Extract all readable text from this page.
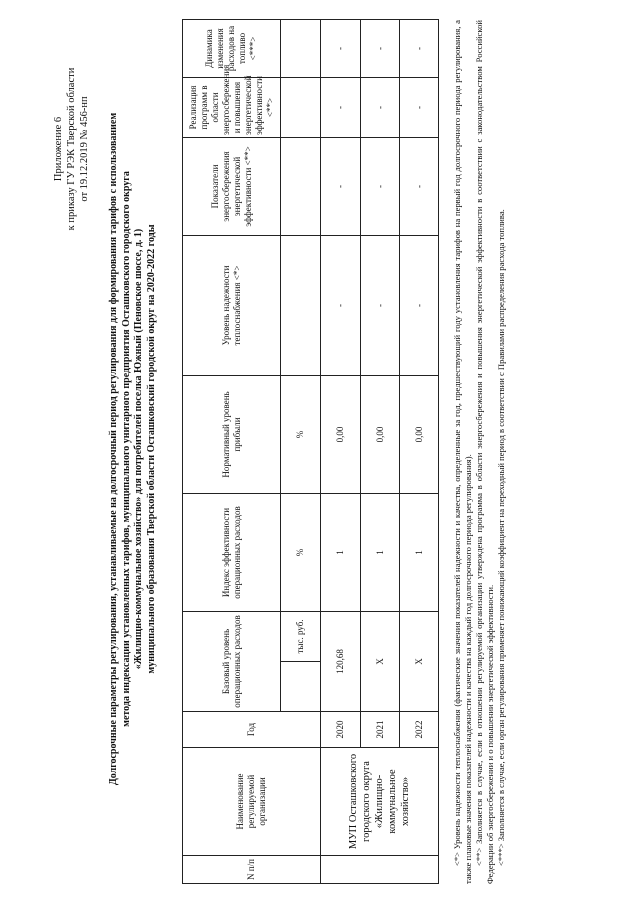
Приложение 6 к приказу ГУ РЭК Тверской области от 19.12.2019 № 456-нп Долгосрочные параметры регулирования, устанавливаемые на долгосрочный период регулирования для формирования тарифов с использованием метода индексации установленных тарифов, муниципального унитарного предприятия Осташковского городского округа «Жилищно-коммунальное хозяйство» для потребителей поселка Южный (Пеновское шоссе, д. 1) муниципального образования Тверской области Осташковский городской округ на 2020-2022 годы
N п/п	Наименование регулируемой организации	Год	Базовый уровень операционных расходов		Индекс эффективности операционных расходов	Нормативный уровень прибыли	Уровень надежности теплоснабжения <*>	Показатели энергосбережения энергетической эффективности <**>	Реализация программ в области энергосбережения и повышения энергетической эффективности <**>	Динамика изменения расходов на топливо <***>
				тыс. руб.	%	%				
	МУП Осташковского городского округа «Жилищно-коммунальное хозяйство»	2020	120,68		1	0,00	-	-	-	-
		2021	Х		1	0,00	-	-	-	-
		2022	Х		1	0,00	-	-	-	-	<*> Уровень надежности теплоснабжения (фактические значения показателей надежности и качества, определенные за год, предшествующий году установления тарифов на первый год долгосрочного периода регулирования, а также плановые значения показателей надежности и качества на каждый год долгосрочного периода регулирования). <**> Заполняется в случае, если в отношении регулируемой организации утверждена программа в области энергосбережения и повышения энергетической эффективности в соответствии с законодательством Российской Федерации об энергосбережении и о повышении энергетической эффективности. <***> Заполняется в случае, если орган регулирования применяет понижающий коэффициент на переходный период в соответствии с Правилами распределения расхода топлива.
